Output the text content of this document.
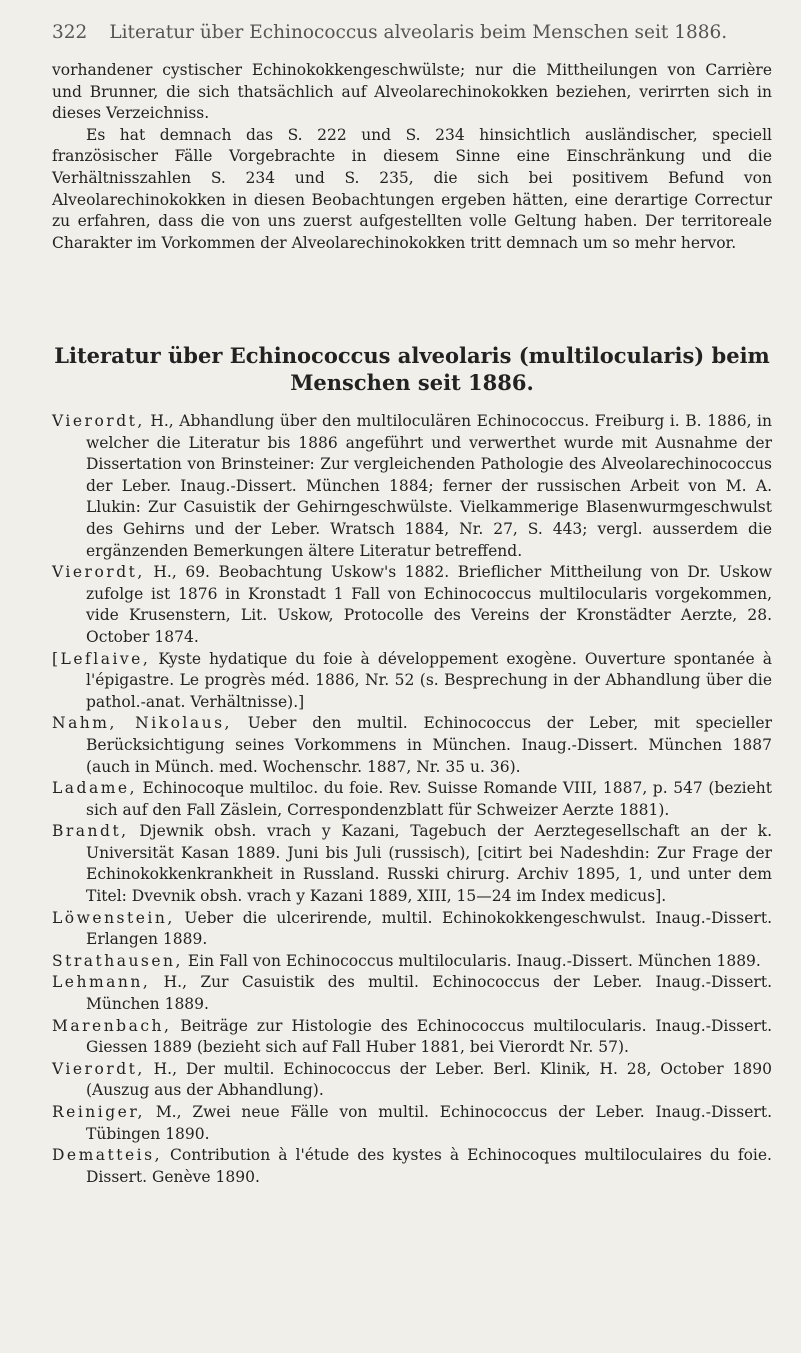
322 Literatur über Echinococcus alveolaris beim Menschen seit 1886.

vorhandener cystischer Echinokokkengeschwülste; nur die Mittheilungen von Carrière und Brunner, die sich thatsächlich auf Alveolarechinokokken beziehen, verirrten sich in dieses Verzeichniss.

Es hat demnach das S. 222 und S. 234 hinsichtlich ausländischer, speciell französischer Fälle Vorgebrachte in diesem Sinne eine Einschränkung und die Verhältnisszahlen S. 234 und S. 235, die sich bei positivem Befund von Alveolarechinokokken in diesen Beobachtungen ergeben hätten, eine derartige Correctur zu erfahren, dass die von uns zuerst aufgestellten volle Geltung haben. Der territoreale Charakter im Vorkommen der Alveolarechinokokken tritt demnach um so mehr hervor.

Literatur über Echinococcus alveolaris (multilocularis) beim
Menschen seit 1886.

Vierordt, H., Abhandlung über den multiloculären Echinococcus. Freiburg i. B. 1886, in welcher die Literatur bis 1886 angeführt und verwerthet wurde mit Ausnahme der Dissertation von Brinsteiner: Zur vergleichenden Pathologie des Alveolarechinococcus der Leber. Inaug.-Dissert. München 1884; ferner der russischen Arbeit von M. A. Llukin: Zur Casuistik der Gehirngeschwülste. Vielkammerige Blasenwurmgeschwulst des Gehirns und der Leber. Wratsch 1884, Nr. 27, S. 443; vergl. ausserdem die ergänzenden Bemerkungen ältere Literatur betreffend.

Vierordt, H., 69. Beobachtung Uskow's 1882. Brieflicher Mittheilung von Dr. Uskow zufolge ist 1876 in Kronstadt 1 Fall von Echinococcus multilocularis vorgekommen, vide Krusenstern, Lit. Uskow, Protocolle des Vereins der Kronstädter Aerzte, 28. October 1874.

[Leflaive, Kyste hydatique du foie à développement exogène. Ouverture spontanée à l'épigastre. Le progrès méd. 1886, Nr. 52 (s. Besprechung in der Abhandlung über die pathol.-anat. Verhältnisse).]

Nahm, Nikolaus, Ueber den multil. Echinococcus der Leber, mit specieller Berücksichtigung seines Vorkommens in München. Inaug.-Dissert. München 1887 (auch in Münch. med. Wochenschr. 1887, Nr. 35 u. 36).

Ladame, Echinocoque multiloc. du foie. Rev. Suisse Romande VIII, 1887, p. 547 (bezieht sich auf den Fall Zäslein, Correspondenzblatt für Schweizer Aerzte 1881).

Brandt, Djewnik obsh. vrach y Kazani, Tagebuch der Aerztegesellschaft an der k. Universität Kasan 1889. Juni bis Juli (russisch), [citirt bei Nadeshdin: Zur Frage der Echinokokkenkrankheit in Russland. Russki chirurg. Archiv 1895, 1, und unter dem Titel: Dvevnik obsh. vrach y Kazani 1889, XIII, 15—24 im Index medicus].

Löwenstein, Ueber die ulcerirende, multil. Echinokokkengeschwulst. Inaug.-Dissert. Erlangen 1889.

Strathausen, Ein Fall von Echinococcus multilocularis. Inaug.-Dissert. München 1889.

Lehmann, H., Zur Casuistik des multil. Echinococcus der Leber. Inaug.-Dissert. München 1889.

Marenbach, Beiträge zur Histologie des Echinococcus multilocularis. Inaug.-Dissert. Giessen 1889 (bezieht sich auf Fall Huber 1881, bei Vierordt Nr. 57).

Vierordt, H., Der multil. Echinococcus der Leber. Berl. Klinik, H. 28, October 1890 (Auszug aus der Abhandlung).

Reiniger, M., Zwei neue Fälle von multil. Echinococcus der Leber. Inaug.-Dissert. Tübingen 1890.

Dematteis, Contribution à l'étude des kystes à Echinocoques multiloculaires du foie. Dissert. Genève 1890.
